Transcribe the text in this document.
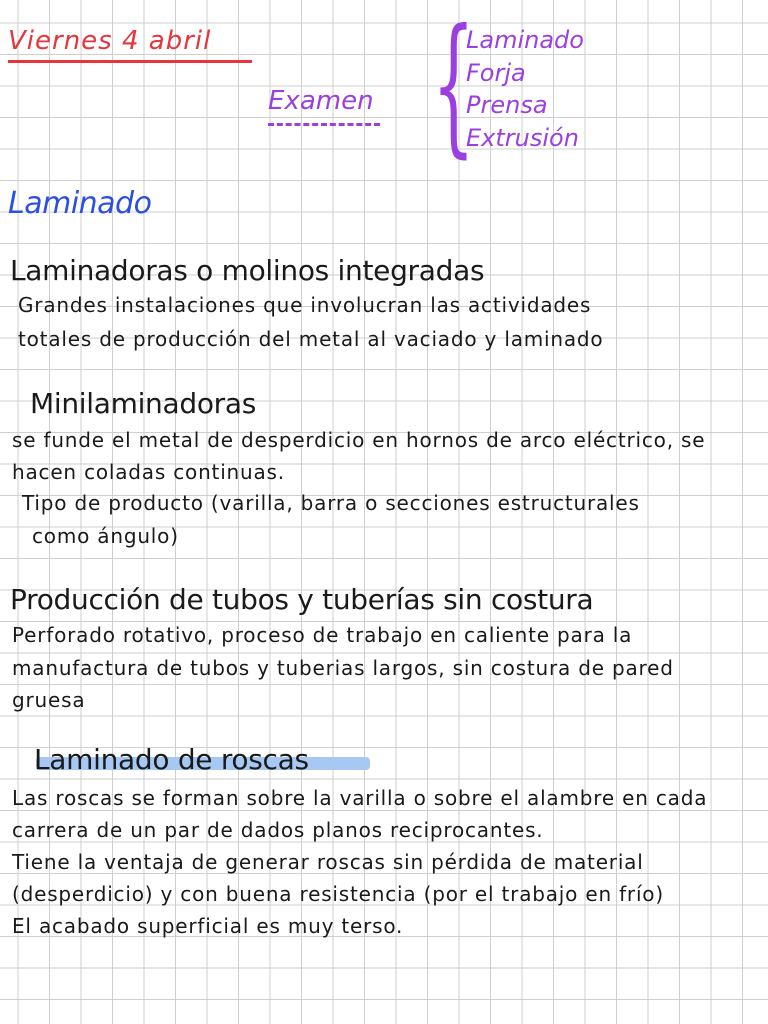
Viernes 4 abril
Examen {
Laminado
Forja
Prensa
Extrusión
Laminado
Laminadoras o molinos integradas
Grandes instalaciones que involucran las actividades
totales de producción del metal al vaciado y laminado
Minilaminadoras
se funde el metal de desperdicio en hornos de arco eléctrico, se
hacen coladas continuas.
Tipo de producto (varilla, barra o secciones estructurales
como ángulo)
Producción de tubos y tuberías sin costura
Perforado rotativo, proceso de trabajo en caliente para la
manufactura de tubos y tuberias largos, sin costura de pared
gruesa
Laminado de roscas
Las roscas se forman sobre la varilla o sobre el alambre en cada
carrera de un par de dados planos reciprocantes.
Tiene la ventaja de generar roscas sin pérdida de material
(desperdicio) y con buena resistencia (por el trabajo en frío)
El acabado superficial es muy terso.
